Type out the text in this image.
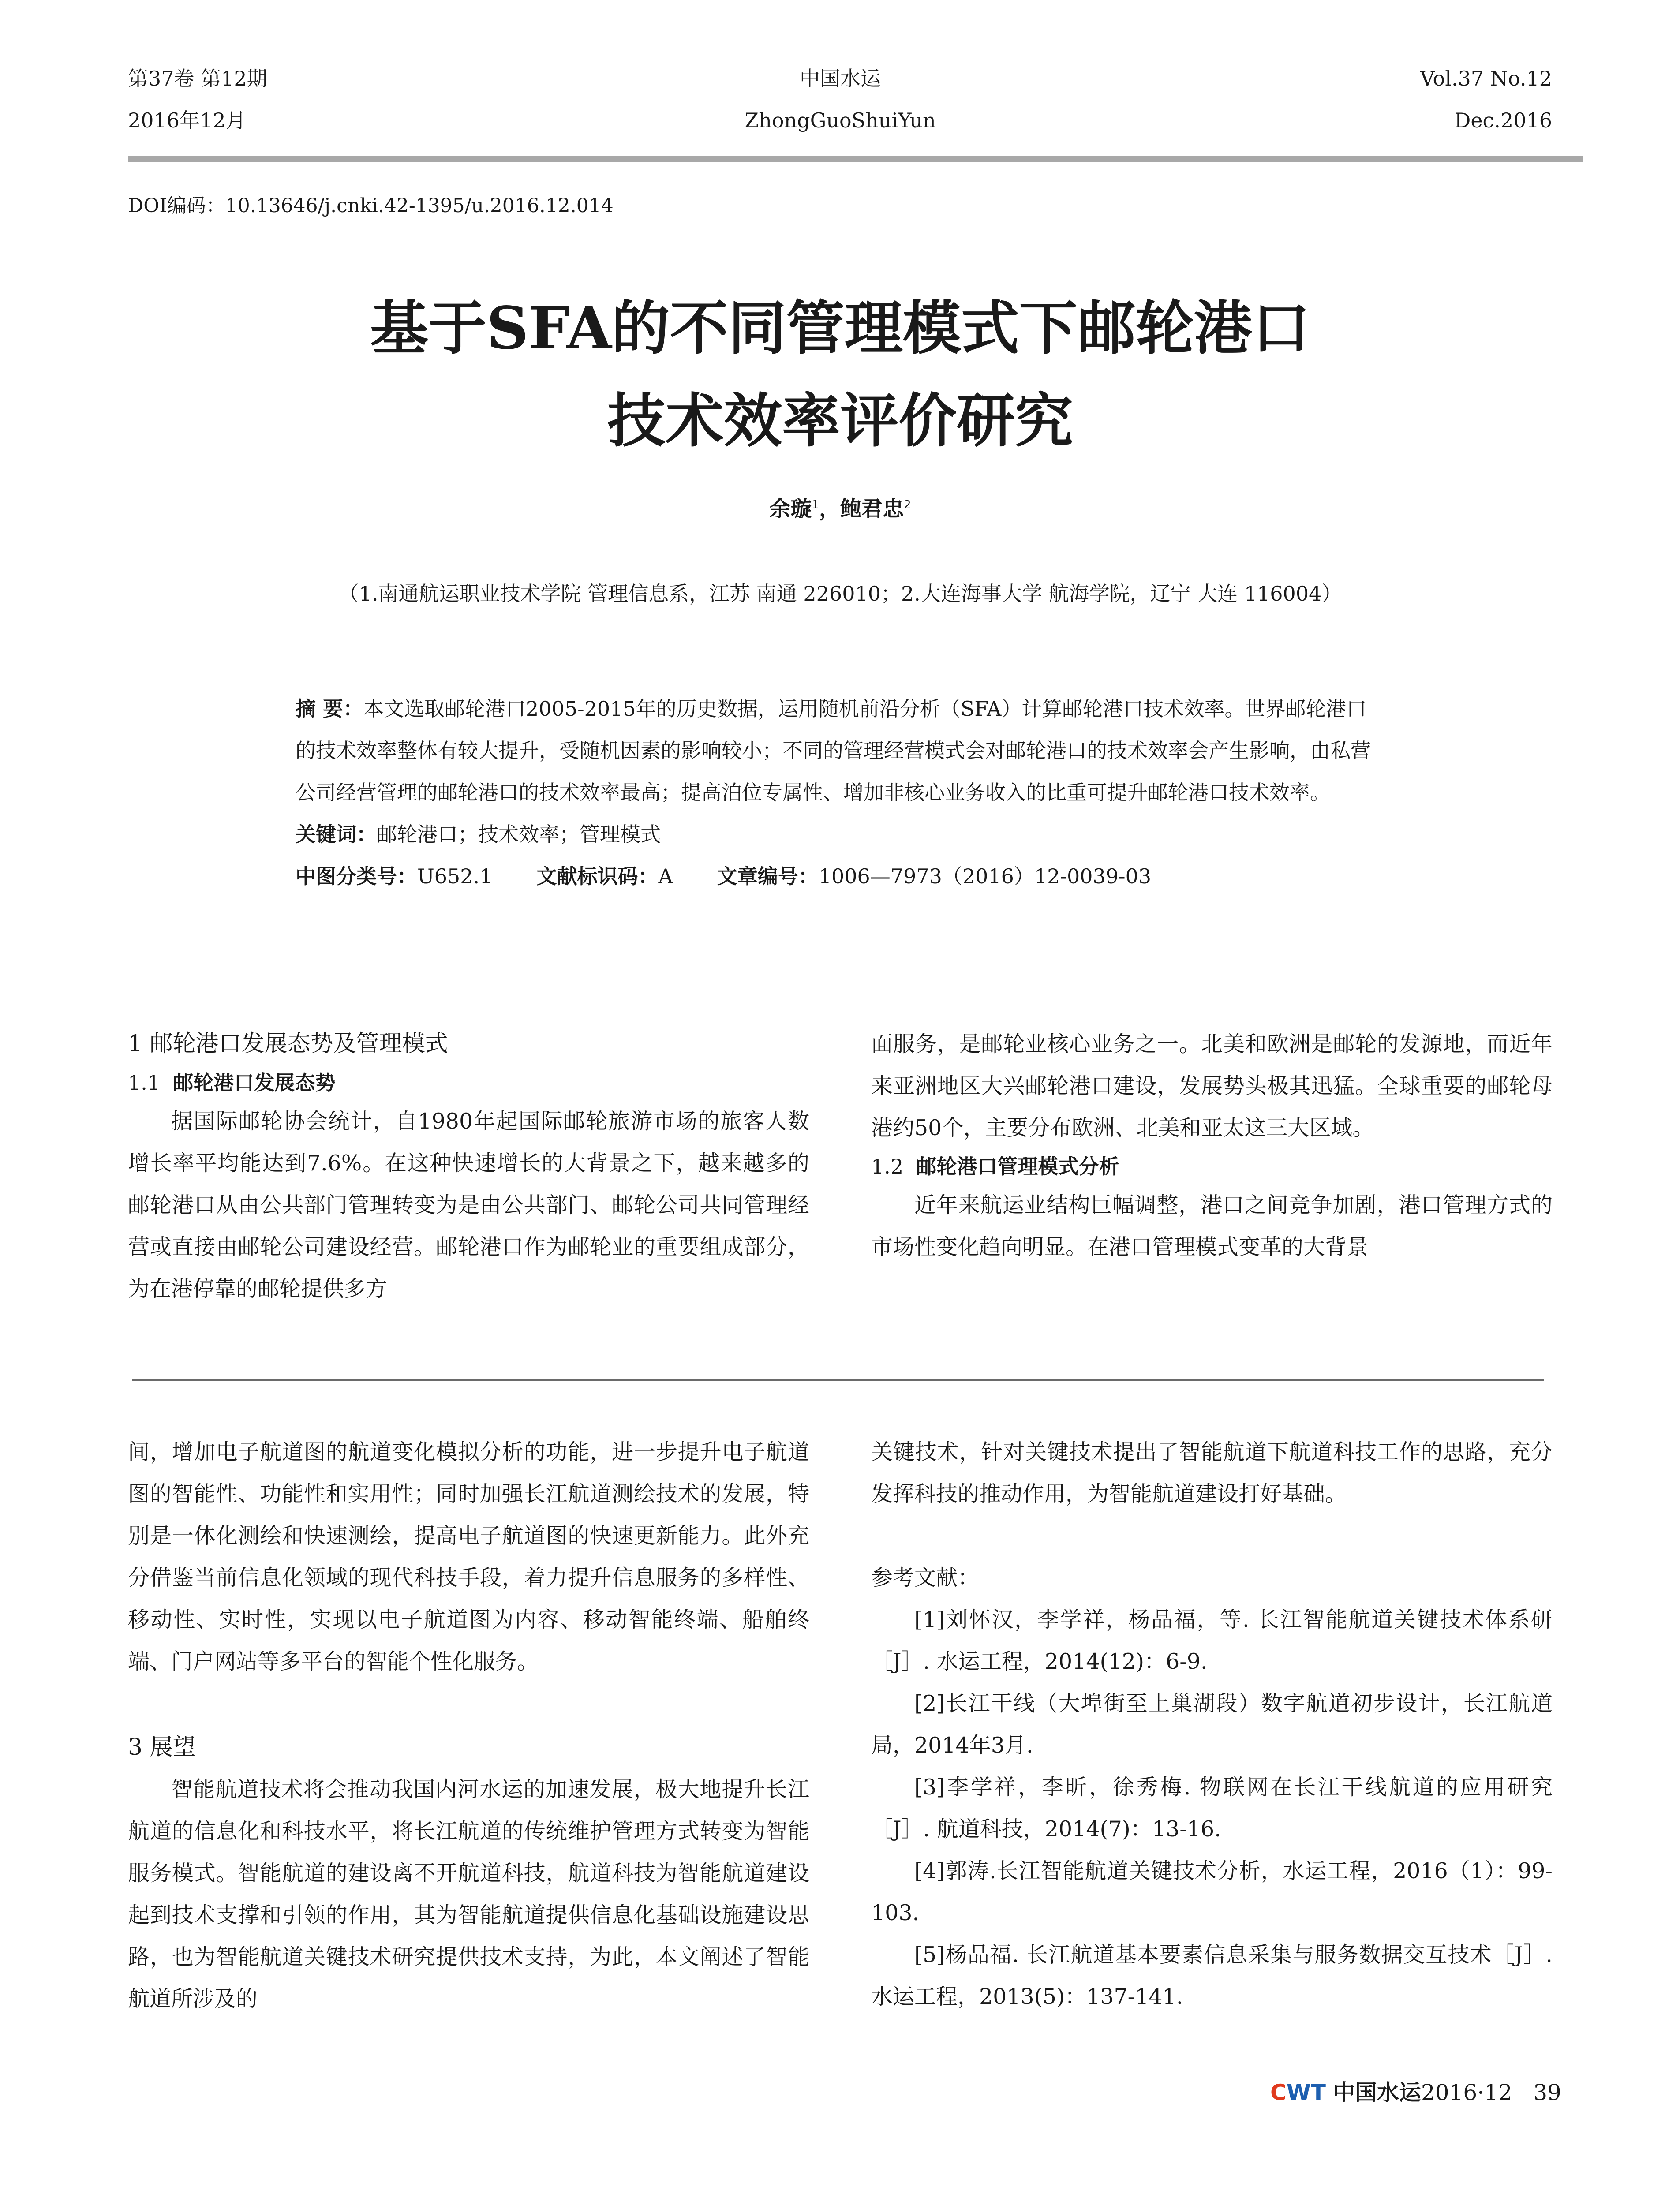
第37卷 第12期
2016年12月
中国水运
ZhongGuoShuiYun
Vol.37 No.12
Dec.2016
DOI编码：10.13646/j.cnki.42-1395/u.2016.12.014
基于SFA的不同管理模式下邮轮港口
技术效率评价研究
余璇$^1$，鲍君忠$^2$
（1.南通航运职业技术学院 管理信息系，江苏 南通 226010；2.大连海事大学 航海学院，辽宁 大连 116004）

摘 要：本文选取邮轮港口2005-2015年的历史数据，运用随机前沿分析（SFA）计算邮轮港口技术效率。世界邮轮港口的技术效率整体有较大提升，受随机因素的影响较小；不同的管理经营模式会对邮轮港口的技术效率会产生影响，由私营公司经营管理的邮轮港口的技术效率最高；提高泊位专属性、增加非核心业务收入的比重可提升邮轮港口技术效率。

关键词：邮轮港口；技术效率；管理模式

中图分类号：U652.1 文献标识码：A 文章编号：1006—7973（2016）12-0039-03

1 邮轮港口发展态势及管理模式
1.1 邮轮港口发展态势

据国际邮轮协会统计，自1980年起国际邮轮旅游市场的旅客人数增长率平均能达到7.6%。在这种快速增长的大背景之下，越来越多的邮轮港口从由公共部门管理转变为是由公共部门、邮轮公司共同管理经营或直接由邮轮公司建设经营。邮轮港口作为邮轮业的重要组成部分，为在港停靠的邮轮提供多方

面服务，是邮轮业核心业务之一。北美和欧洲是邮轮的发源地，而近年来亚洲地区大兴邮轮港口建设，发展势头极其迅猛。全球重要的邮轮母港约50个，主要分布欧洲、北美和亚太这三大区域。

1.2 邮轮港口管理模式分析

近年来航运业结构巨幅调整，港口之间竞争加剧，港口管理方式的市场性变化趋向明显。在港口管理模式变革的大背景

间，增加电子航道图的航道变化模拟分析的功能，进一步提升电子航道图的智能性、功能性和实用性；同时加强长江航道测绘技术的发展，特别是一体化测绘和快速测绘，提高电子航道图的快速更新能力。此外充分借鉴当前信息化领域的现代科技手段，着力提升信息服务的多样性、移动性、实时性，实现以电子航道图为内容、移动智能终端、船舶终端、门户网站等多平台的智能个性化服务。

3 展望

智能航道技术将会推动我国内河水运的加速发展，极大地提升长江航道的信息化和科技水平，将长江航道的传统维护管理方式转变为智能服务模式。智能航道的建设离不开航道科技，航道科技为智能航道建设起到技术支撑和引领的作用，其为智能航道提供信息化基础设施建设思路，也为智能航道关键技术研究提供技术支持，为此，本文阐述了智能航道所涉及的

关键技术，针对关键技术提出了智能航道下航道科技工作的思路，充分发挥科技的推动作用，为智能航道建设打好基础。

参考文献：

[1]刘怀汉，李学祥，杨品福，等. 长江智能航道关键技术体系研［J］. 水运工程，2014(12)：6-9.

[2]长江干线（大埠街至上巢湖段）数字航道初步设计，长江航道局，2014年3月.

[3]李学祥，李昕，徐秀梅. 物联网在长江干线航道的应用研究［J］. 航道科技，2014(7)：13-16.

[4]郭涛.长江智能航道关键技术分析，水运工程，2016（1）：99-103.

[5]杨品福. 长江航道基本要素信息采集与服务数据交互技术［J］. 水运工程，2013(5)：137-141.

CWT 中国水运2016·12 39
